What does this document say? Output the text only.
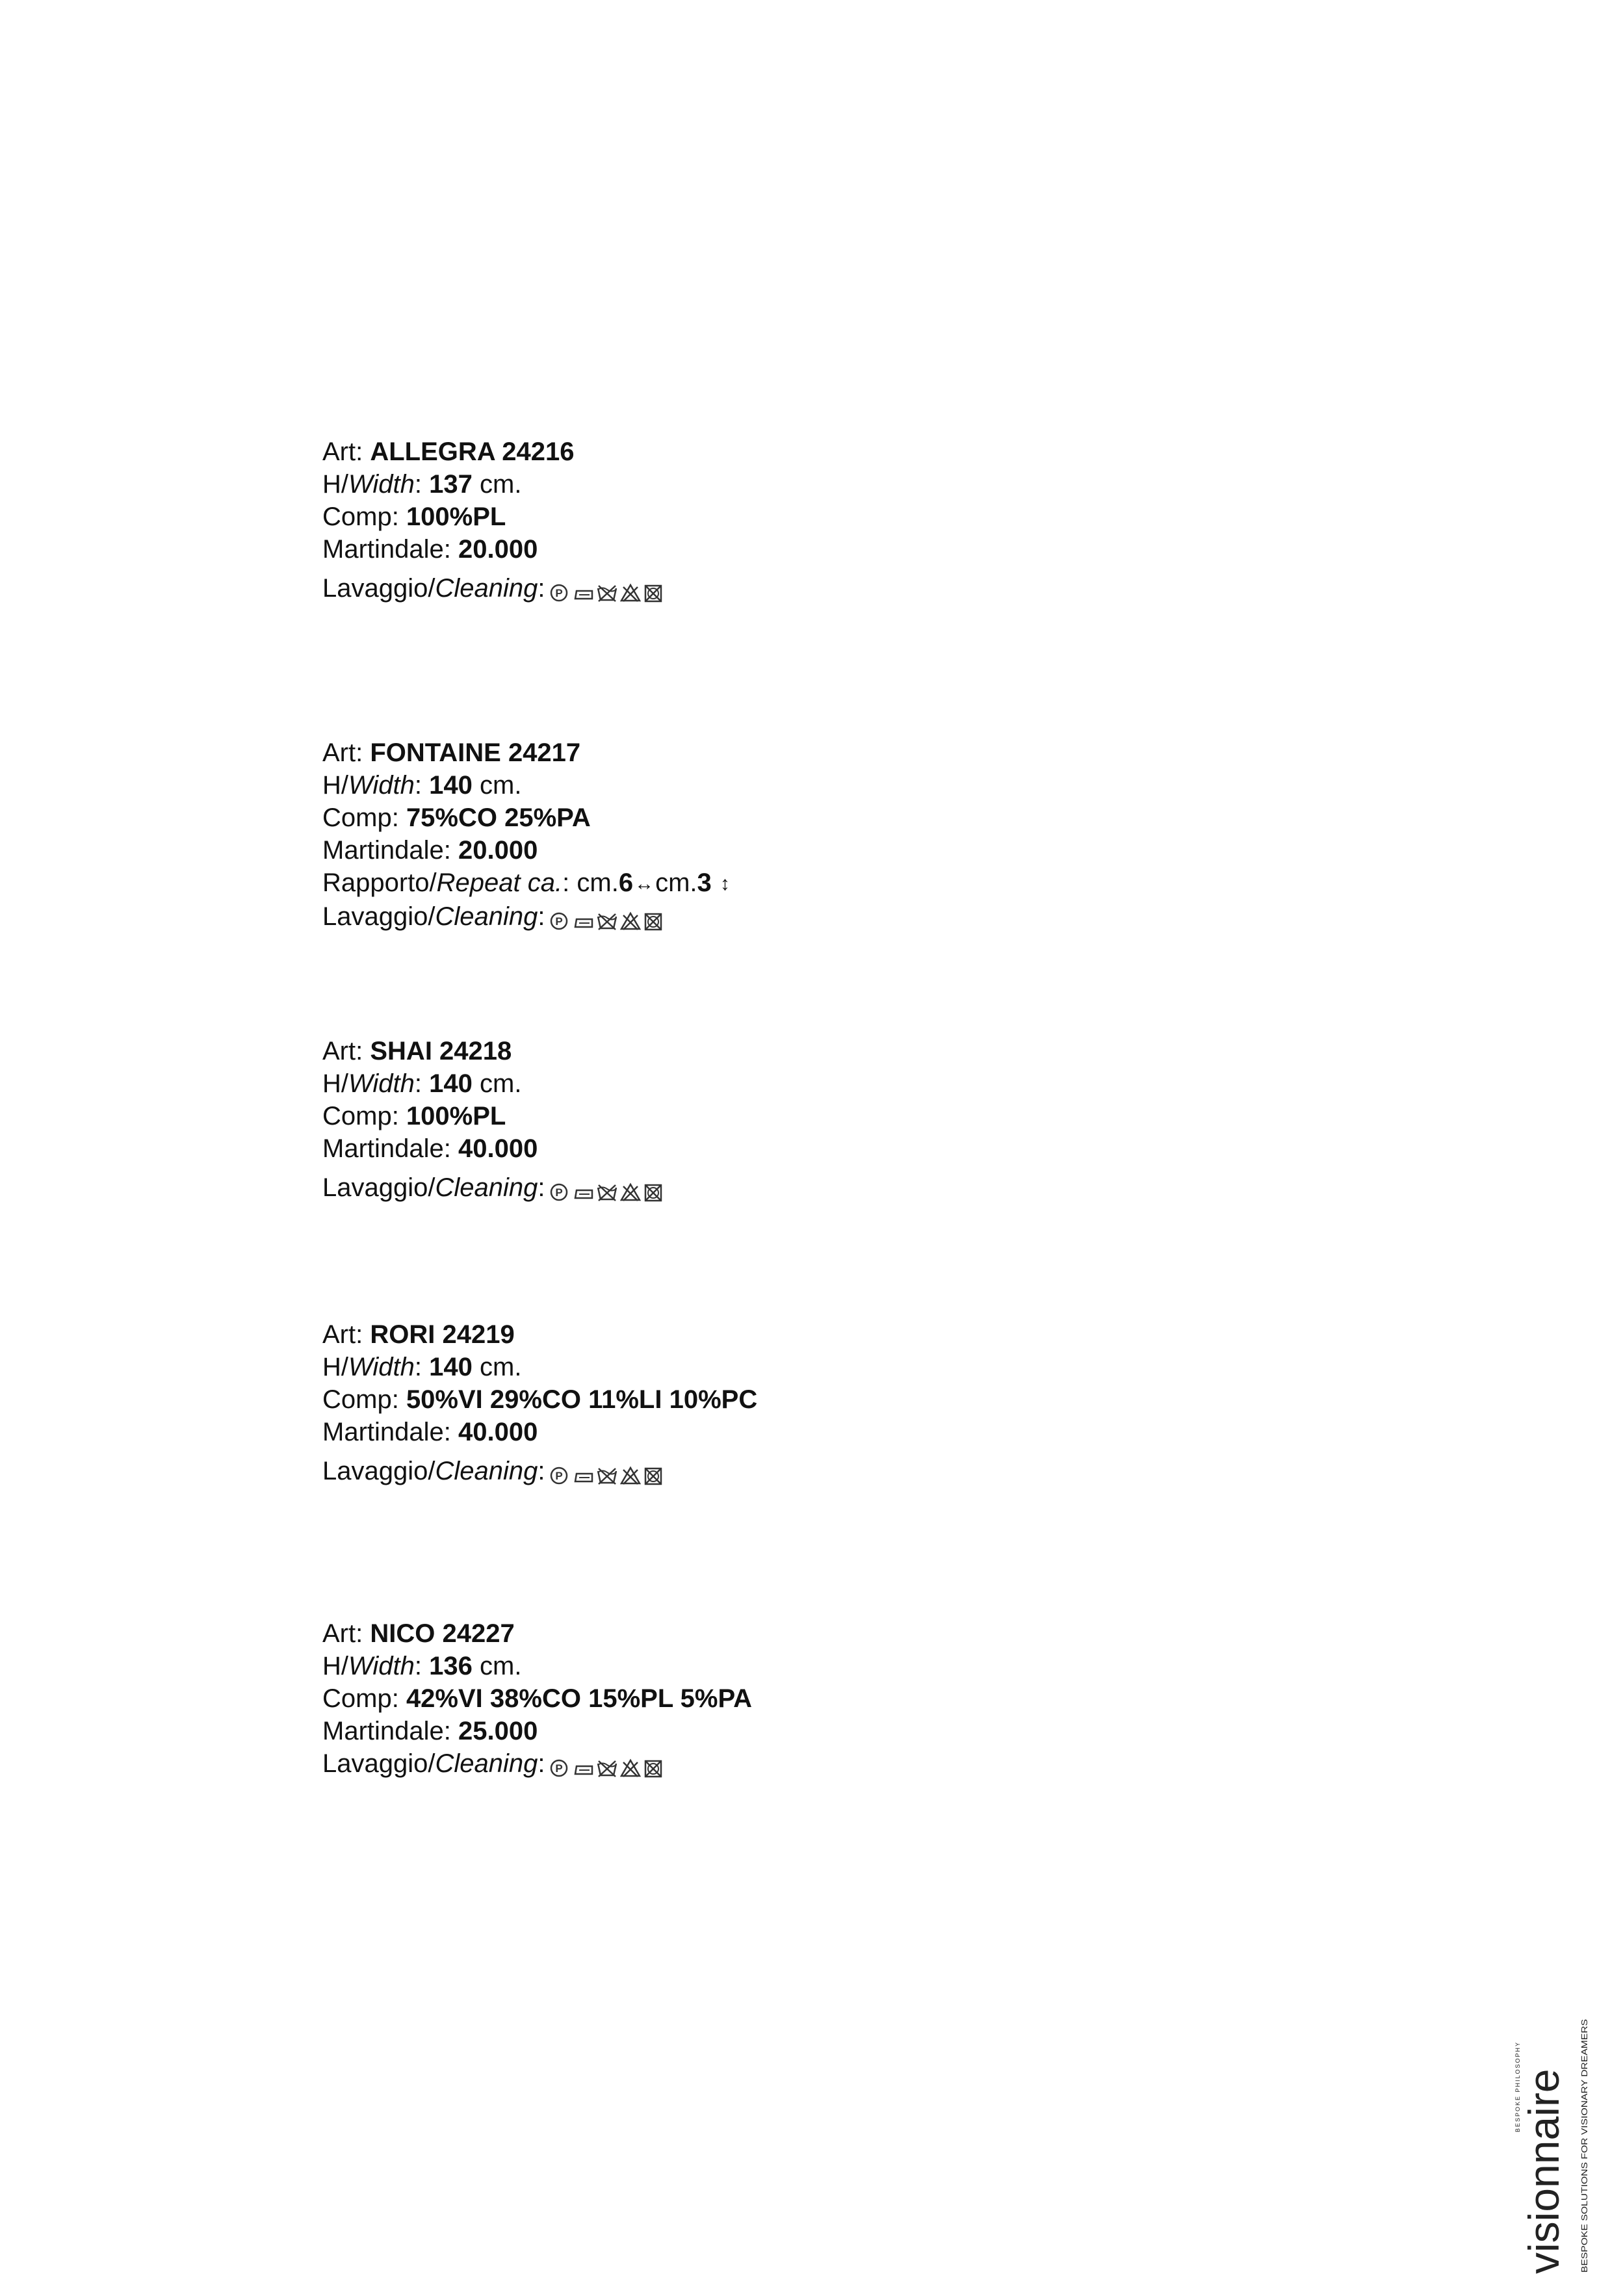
Art: ALLEGRA 24216
H/Width: 137 cm.
Comp: 100%PL
Martindale: 20.000
Lavaggio/Cleaning: P
Art: FONTAINE 24217
H/Width: 140 cm.
Comp: 75%CO 25%PA
Martindale: 20.000
Rapporto/Repeat ca.: cm.6↔cm.3 ↕
Lavaggio/Cleaning: P
Art: SHAI 24218
H/Width: 140 cm.
Comp: 100%PL
Martindale: 40.000
Lavaggio/Cleaning: P
Art: RORI 24219
H/Width: 140 cm.
Comp: 50%VI 29%CO 11%LI 10%PC
Martindale: 40.000
Lavaggio/Cleaning: P
Art: NICO 24227
H/Width: 136 cm.
Comp: 42%VI 38%CO 15%PL 5%PA
Martindale: 25.000
Lavaggio/Cleaning: P
visionnaire
BESPOKE PHILOSOPHY	BESPOKE SOLUTIONS FOR VISIONARY DREAMERS
